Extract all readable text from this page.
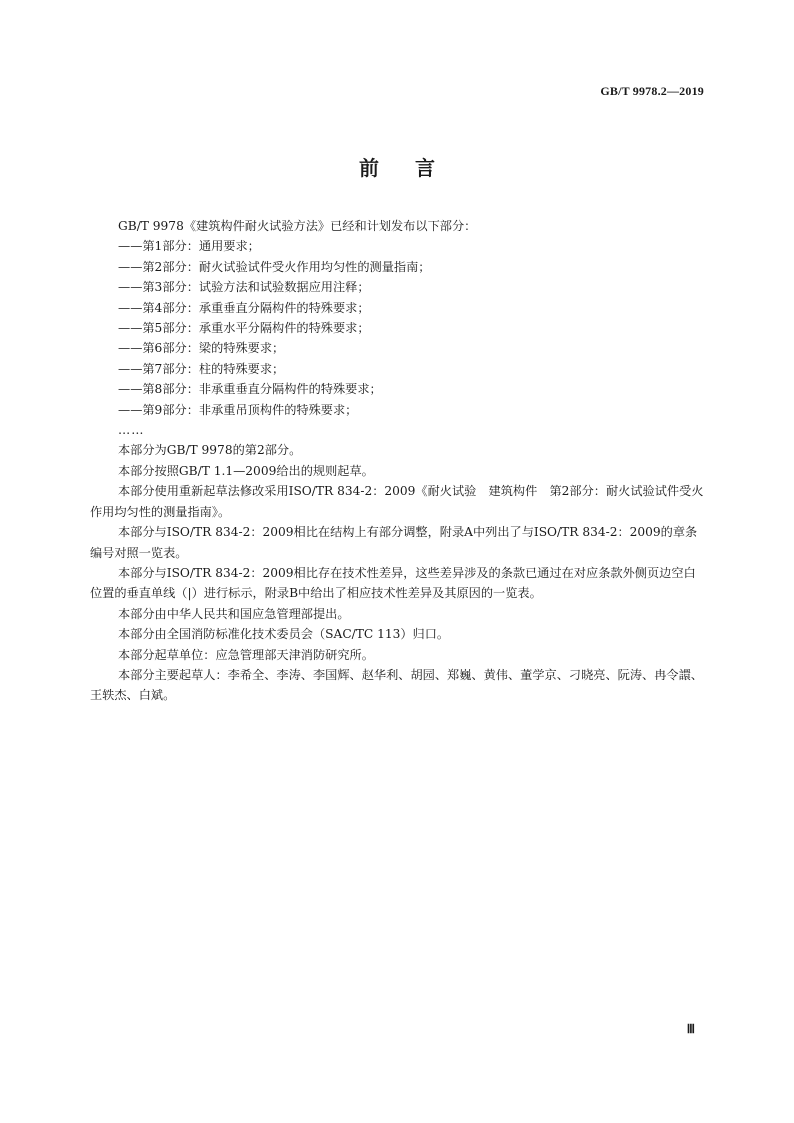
GB/T 9978.2—2019
前言

GB/T 9978《建筑构件耐火试验方法》已经和计划发布以下部分：

——第1部分：通用要求；
——第2部分：耐火试验试件受火作用均匀性的测量指南；
——第3部分：试验方法和试验数据应用注释；
——第4部分：承重垂直分隔构件的特殊要求；
——第5部分：承重水平分隔构件的特殊要求；
——第6部分：梁的特殊要求；
——第7部分：柱的特殊要求；
——第8部分：非承重垂直分隔构件的特殊要求；
——第9部分：非承重吊顶构件的特殊要求；

……

本部分为GB/T 9978的第2部分。

本部分按照GB/T 1.1—2009给出的规则起草。

本部分使用重新起草法修改采用ISO/TR 834-2：2009《耐火试验　建筑构件　第2部分：耐火试验试件受火作用均匀性的测量指南》。

本部分与ISO/TR 834-2：2009相比在结构上有部分调整，附录A中列出了与ISO/TR 834-2：2009的章条编号对照一览表。

本部分与ISO/TR 834-2：2009相比存在技术性差异，这些差异涉及的条款已通过在对应条款外侧页边空白位置的垂直单线（|）进行标示，附录B中给出了相应技术性差异及其原因的一览表。

本部分由中华人民共和国应急管理部提出。

本部分由全国消防标准化技术委员会（SAC/TC 113）归口。

本部分起草单位：应急管理部天津消防研究所。

本部分主要起草人：李希全、李涛、李国辉、赵华利、胡园、郑巍、黄伟、董学京、刁晓亮、阮涛、冉令譞、王轶杰、白斌。

Ⅲ
